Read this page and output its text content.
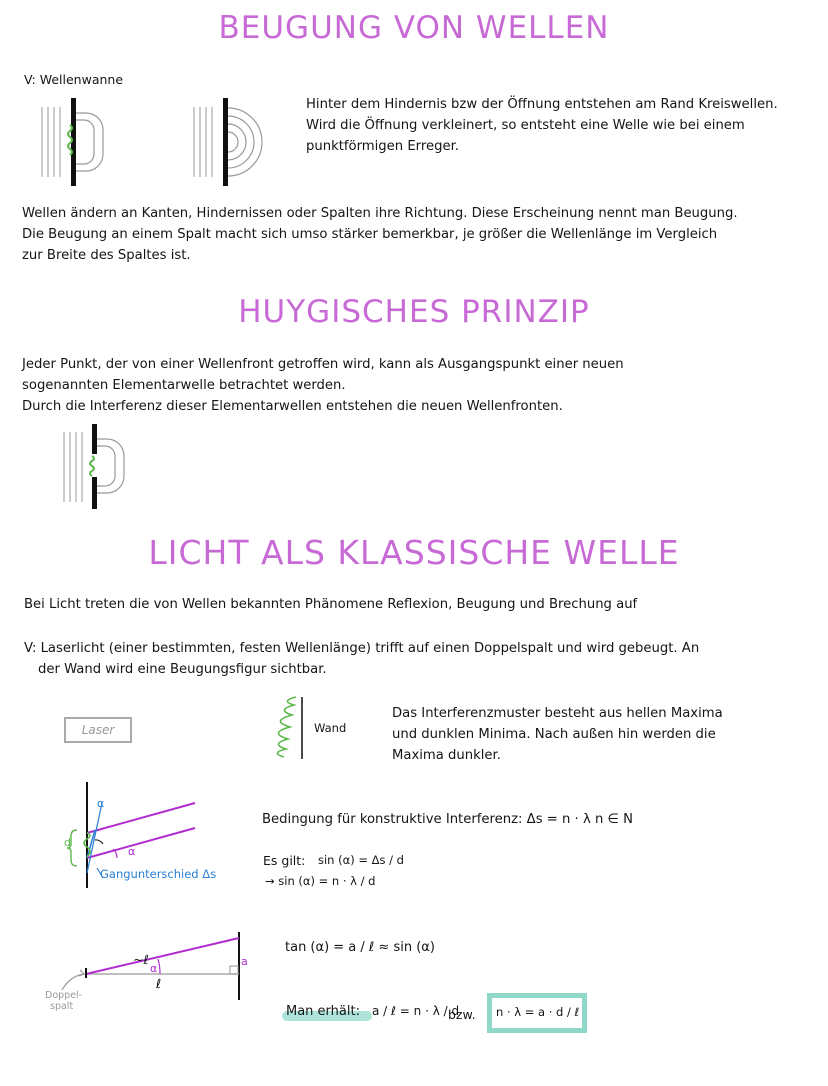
BEUGUNG VON WELLEN
V: Wellenwanne
Hinter dem Hindernis bzw der Öffnung entstehen am Rand Kreiswellen.
Wird die Öffnung verkleinert, so entsteht eine Welle wie bei einem
punktförmigen Erreger.
Wellen ändern an Kanten, Hindernissen oder Spalten ihre Richtung. Diese Erscheinung nennt man Beugung.
Die Beugung an einem Spalt macht sich umso stärker bemerkbar, je größer die Wellenlänge im Vergleich
zur Breite des Spaltes ist.
HUYGISCHES PRINZIP
Jeder Punkt, der von einer Wellenfront getroffen wird, kann als Ausgangspunkt einer neuen
sogenannten Elementarwelle betrachtet werden.
Durch die Interferenz dieser Elementarwellen entstehen die neuen Wellenfronten.
LICHT ALS KLASSISCHE WELLE
Bei Licht treten die von Wellen bekannten Phänomene Reflexion, Beugung und Brechung auf
V: Laserlicht (einer bestimmten, festen Wellenlänge) trifft auf einen Doppelspalt und wird gebeugt. An
der Wand wird eine Beugungsfigur sichtbar.
Laser	Wand
Das Interferenzmuster besteht aus hellen Maxima
und dunklen Minima. Nach außen hin werden die
Maxima dunkler.
d
α
α
Gangunterschied Δs
Bedingung für konstruktive Interferenz: Δs = n · λ n ∈ N
Es gilt: sin (α) = Δs / d
→ sin (α) = n · λ / d
~ℓ
α
ℓ
a
Doppel-
spalt
tan (α) = a / ℓ ≈ sin (α)
Man erhält: a / ℓ = n · λ / d
bzw. n · λ = a · d / ℓ
